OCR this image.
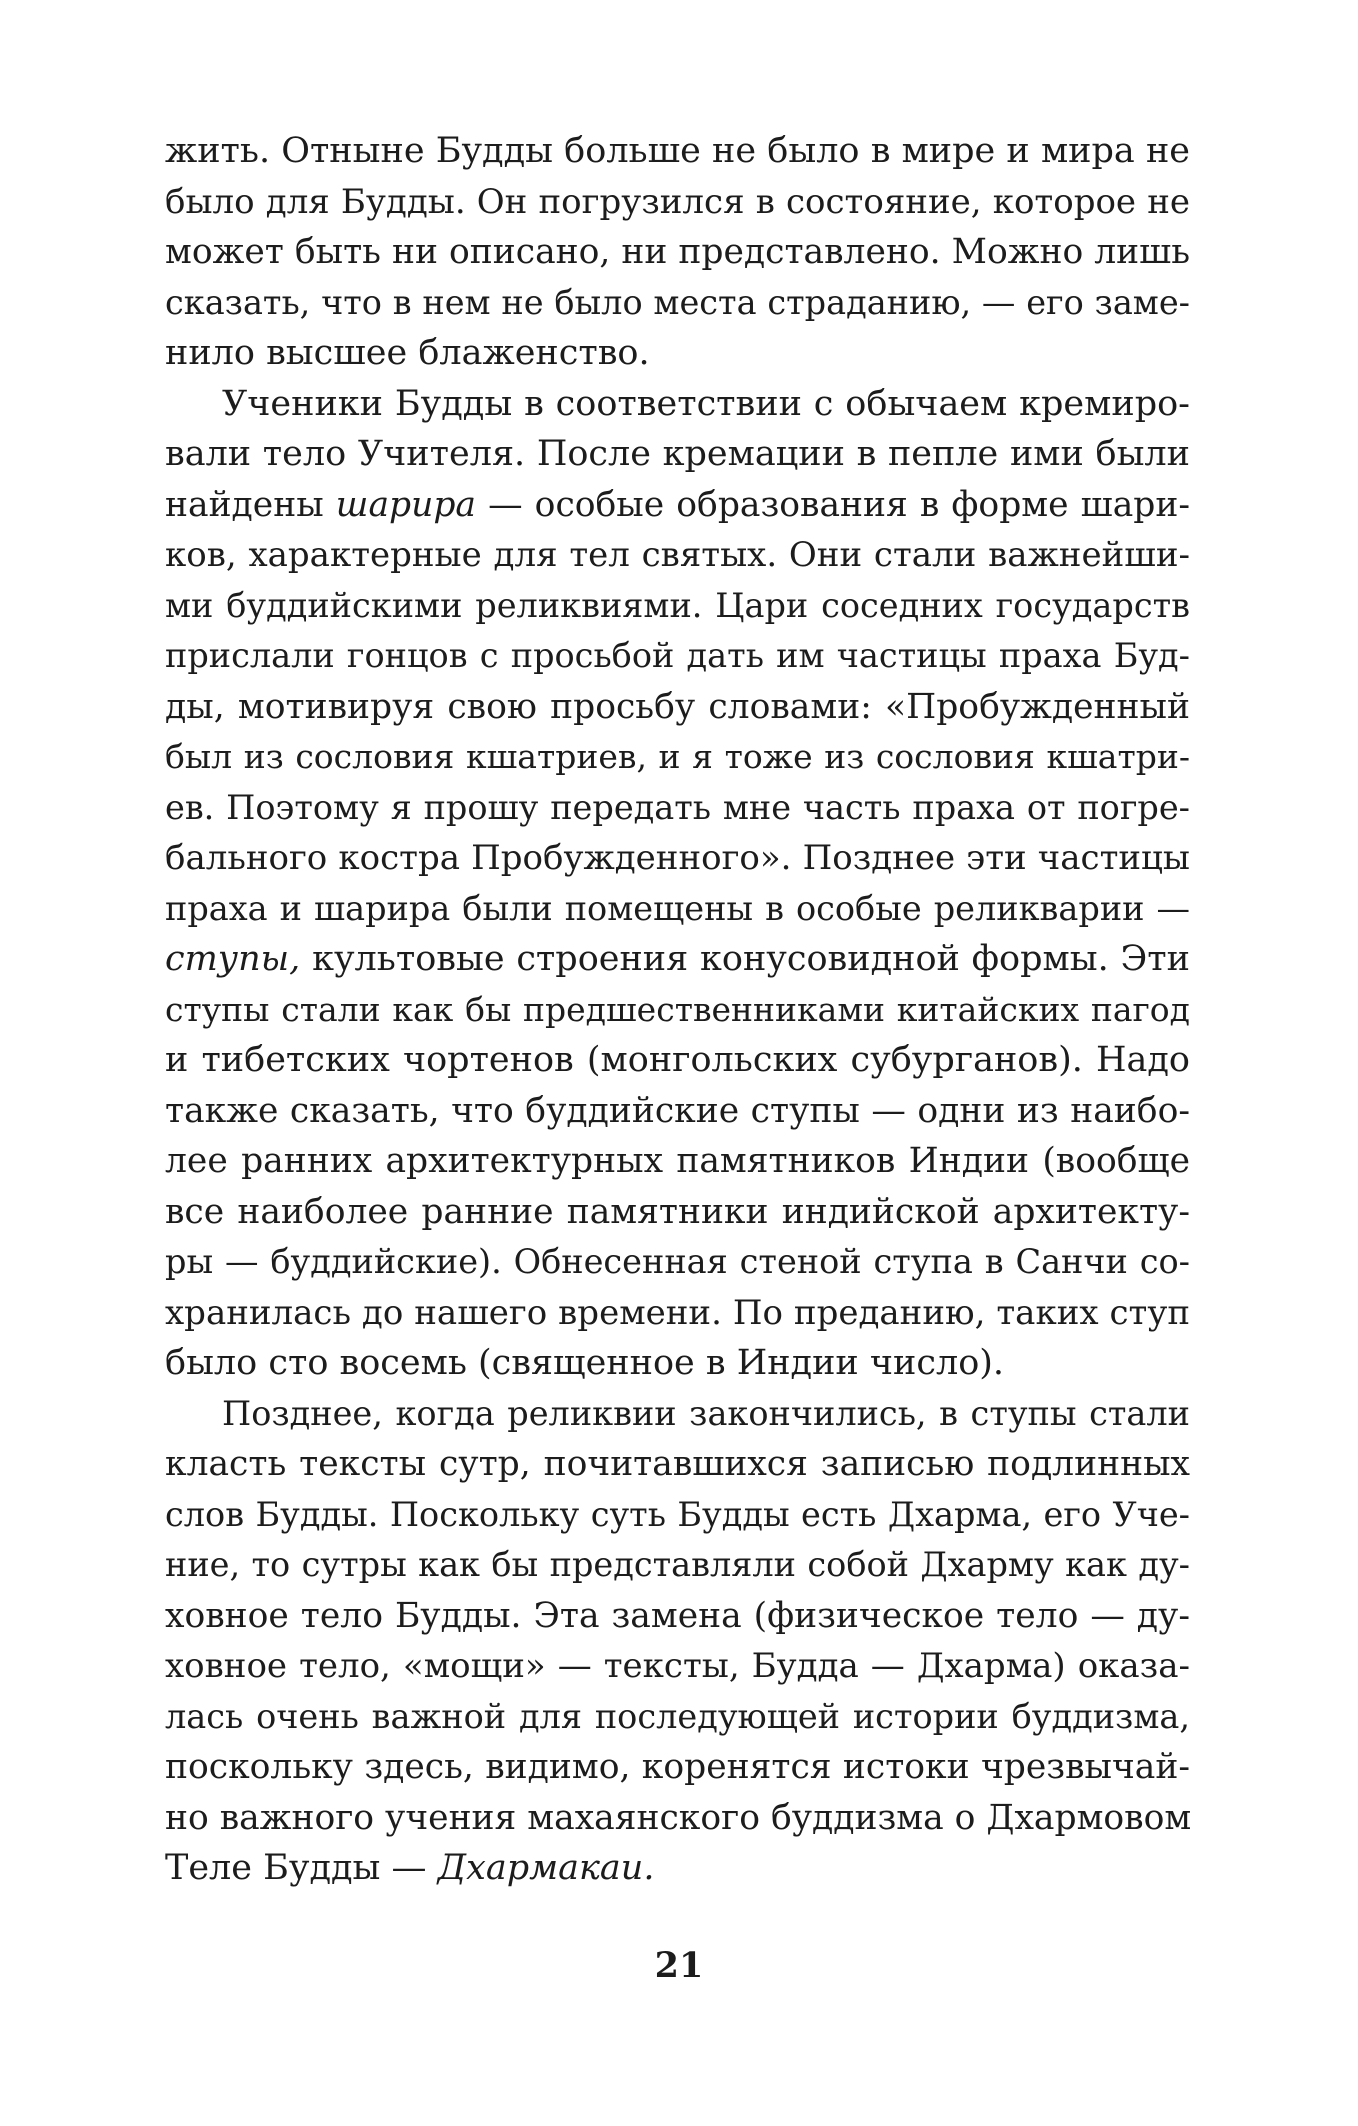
жить. Отныне Будды больше не было в мире и мира не
было для Будды. Он погрузился в состояние, которое не
может быть ни описано, ни представлено. Можно лишь
сказать, что в нем не было места страданию, — его заме-
нило высшее блаженство.
Ученики Будды в соответствии с обычаем кремиро-
вали тело Учителя. После кремации в пепле ими были
найдены шарира — особые образования в форме шари-
ков, характерные для тел святых. Они стали важнейши-
ми буддийскими реликвиями. Цари соседних государств
прислали гонцов с просьбой дать им частицы праха Буд-
ды, мотивируя свою просьбу словами: «Пробужденный
был из сословия кшатриев, и я тоже из сословия кшатри-
ев. Поэтому я прошу передать мне часть праха от погре-
бального костра Пробужденного». Позднее эти частицы
праха и шарира были помещены в особые реликварии —
ступы, культовые строения конусовидной формы. Эти
ступы стали как бы предшественниками китайских пагод
и тибетских чортенов (монгольских субурганов). Надо
также сказать, что буддийские ступы — одни из наибо-
лее ранних архитектурных памятников Индии (вообще
все наиболее ранние памятники индийской архитекту-
ры — буддийские). Обнесенная стеной ступа в Санчи со-
хранилась до нашего времени. По преданию, таких ступ
было сто восемь (священное в Индии число).
Позднее, когда реликвии закончились, в ступы стали
класть тексты сутр, почитавшихся записью подлинных
слов Будды. Поскольку суть Будды есть Дхарма, его Уче-
ние, то сутры как бы представляли собой Дхарму как ду-
ховное тело Будды. Эта замена (физическое тело — ду-
ховное тело, «мощи» — тексты, Будда — Дхарма) оказа-
лась очень важной для последующей истории буддизма,
поскольку здесь, видимо, коренятся истоки чрезвычай-
но важного учения махаянского буддизма о Дхармовом
Теле Будды — Дхармакаи.
21
